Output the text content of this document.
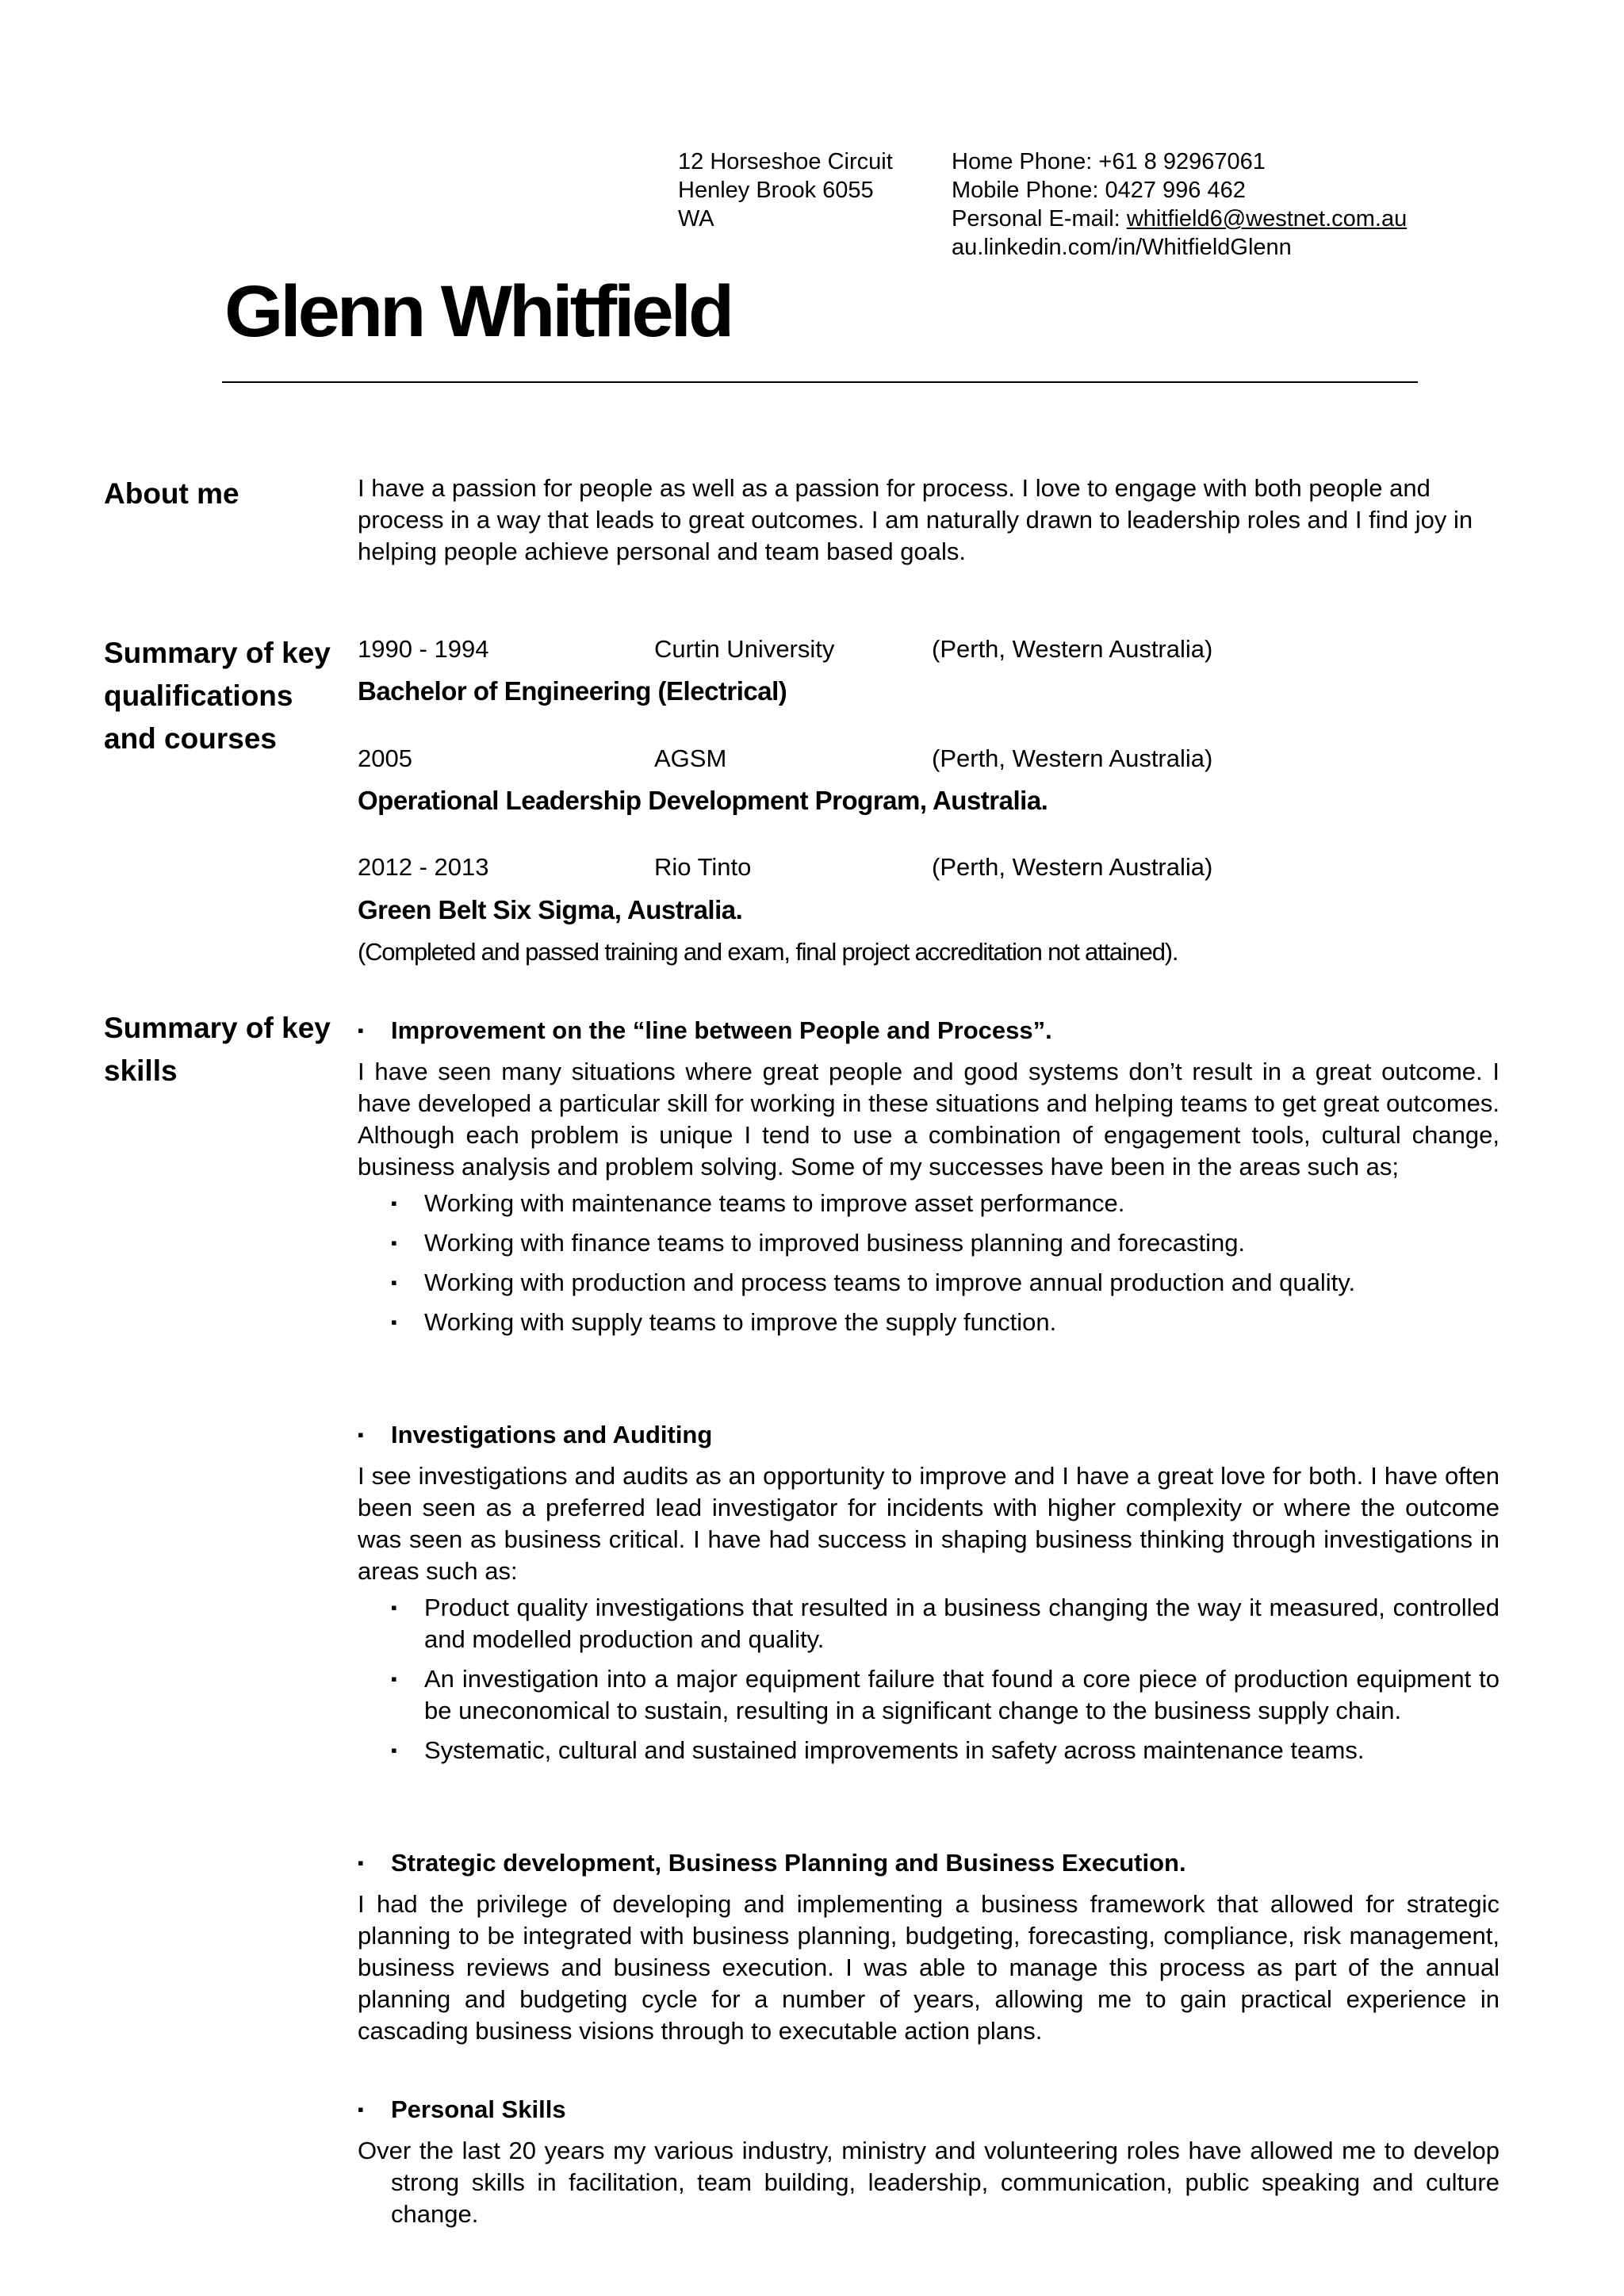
12 Horseshoe Circuit
Henley Brook 6055
WA
Home Phone: +61 8 92967061
Mobile Phone: 0427 996 462
Personal E-mail: whitfield6@westnet.com.au
au.linkedin.com/in/WhitfieldGlenn
Glenn Whitfield
About me	I have a passion for people as well as a passion for process. I love to engage with both people and process in a way that leads to great outcomes. I am naturally drawn to leadership roles and I find joy in helping people achieve personal and team based goals.

Summary of key qualifications and courses
1990 - 1994	Curtin University	(Perth, Western Australia)
Bachelor of Engineering (Electrical)
2005	AGSM	(Perth, Western Australia)
Operational Leadership Development Program, Australia.
2012 - 2013	Rio Tinto	(Perth, Western Australia)
Green Belt Six Sigma, Australia.
(Completed and passed training and exam, final project accreditation not attained).
Summary of key skills
▪ Improvement on the “line between People and Process”.

I have seen many situations where great people and good systems don’t result in a great outcome. I have developed a particular skill for working in these situations and helping teams to get great outcomes. Although each problem is unique I tend to use a combination of engagement tools, cultural change, business analysis and problem solving. Some of my successes have been in the areas such as;

▪ Working with maintenance teams to improve asset performance.
▪ Working with finance teams to improved business planning and forecasting.
▪ Working with production and process teams to improve annual production and quality.
▪ Working with supply teams to improve the supply function.
▪ Investigations and Auditing

I see investigations and audits as an opportunity to improve and I have a great love for both. I have often been seen as a preferred lead investigator for incidents with higher complexity or where the outcome was seen as business critical. I have had success in shaping business thinking through investigations in areas such as:

▪ Product quality investigations that resulted in a business changing the way it measured, controlled and modelled production and quality.
▪ An investigation into a major equipment failure that found a core piece of production equipment to be uneconomical to sustain, resulting in a significant change to the business supply chain.
▪ Systematic, cultural and sustained improvements in safety across maintenance teams.
▪ Strategic development, Business Planning and Business Execution.

I had the privilege of developing and implementing a business framework that allowed for strategic planning to be integrated with business planning, budgeting, forecasting, compliance, risk management, business reviews and business execution. I was able to manage this process as part of the annual planning and budgeting cycle for a number of years, allowing me to gain practical experience in cascading business visions through to executable action plans.

▪ Personal Skills

Over the last 20 years my various industry, ministry and volunteering roles have allowed me to develop strong skills in facilitation, team building, leadership, communication, public speaking and culture change.
